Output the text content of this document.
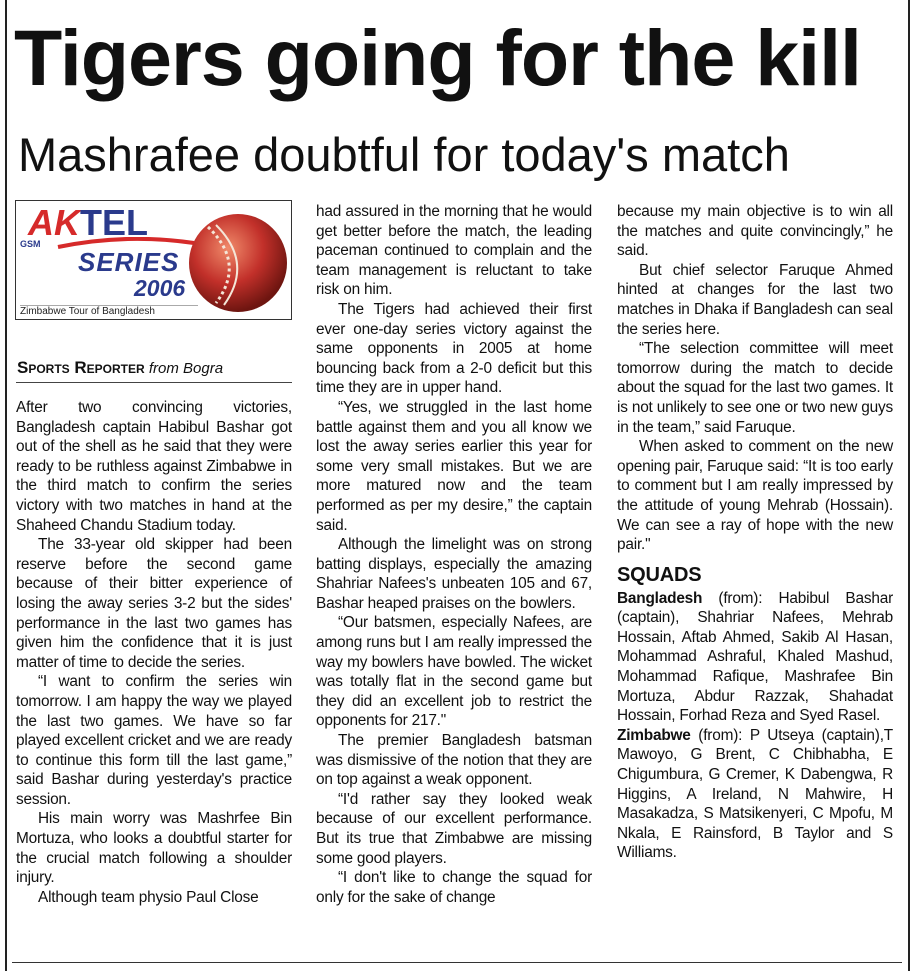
Tigers going for the kill
Mashrafee doubtful for today's match
AKTEL
GSM
SERIES
2006
Zimbabwe Tour of Bangladesh
Sports Reporter from Bogra

After two convincing victories, Bangladesh captain Habibul Bashar got out of the shell as he said that they were ready to be ruthless against Zimbabwe in the third match to confirm the series victory with two matches in hand at the Shaheed Chandu Stadium today.

The 33-year old skipper had been reserve before the second game because of their bitter experience of losing the away series 3-2 but the sides' performance in the last two games has given him the confidence that it is just matter of time to decide the series.

“I want to confirm the series win tomorrow. I am happy the way we played the last two games. We have so far played excellent cricket and we are ready to continue this form till the last game,” said Bashar during yesterday's practice session.

His main worry was Mashrfee Bin Mortuza, who looks a doubtful starter for the crucial match following a shoulder injury.

Although team physio Paul Close

had assured in the morning that he would get better before the match, the leading paceman continued to complain and the team management is reluctant to take risk on him.

The Tigers had achieved their first ever one-day series victory against the same opponents in 2005 at home bouncing back from a 2-0 deficit but this time they are in upper hand.

“Yes, we struggled in the last home battle against them and you all know we lost the away series earlier this year for some very small mistakes. But we are more matured now and the team performed as per my desire,” the captain said.

Although the limelight was on strong batting displays, especially the amazing Shahriar Nafees's unbeaten 105 and 67, Bashar heaped praises on the bowlers.

“Our batsmen, especially Nafees, are among runs but I am really impressed the way my bowlers have bowled. The wicket was totally flat in the second game but they did an excellent job to restrict the opponents for 217."

The premier Bangladesh batsman was dismissive of the notion that they are on top against a weak opponent.

“I'd rather say they looked weak because of our excellent performance. But its true that Zimbabwe are missing some good players.

“I don't like to change the squad for only for the sake of change

because my main objective is to win all the matches and quite convincingly,” he said.

But chief selector Faruque Ahmed hinted at changes for the last two matches in Dhaka if Bangladesh can seal the series here.

“The selection committee will meet tomorrow during the match to decide about the squad for the last two games. It is not unlikely to see one or two new guys in the team,” said Faruque.

When asked to comment on the new opening pair, Faruque said: “It is too early to comment but I am really impressed by the attitude of young Mehrab (Hossain). We can see a ray of hope with the new pair."

SQUADS

Bangladesh (from): Habibul Bashar (captain), Shahriar Nafees, Mehrab Hossain, Aftab Ahmed, Sakib Al Hasan, Mohammad Ashraful, Khaled Mashud, Mohammad Rafique, Mashrafee Bin Mortuza, Abdur Razzak, Shahadat Hossain, Forhad Reza and Syed Rasel.

Zimbabwe (from): P Utseya (captain),T Mawoyo, G Brent, C Chibhabha, E Chigumbura, G Cremer, K Dabengwa, R Higgins, A Ireland, N Mahwire, H Masakadza, S Matsikenyeri, C Mpofu, M Nkala, E Rainsford, B Taylor and S Williams.
